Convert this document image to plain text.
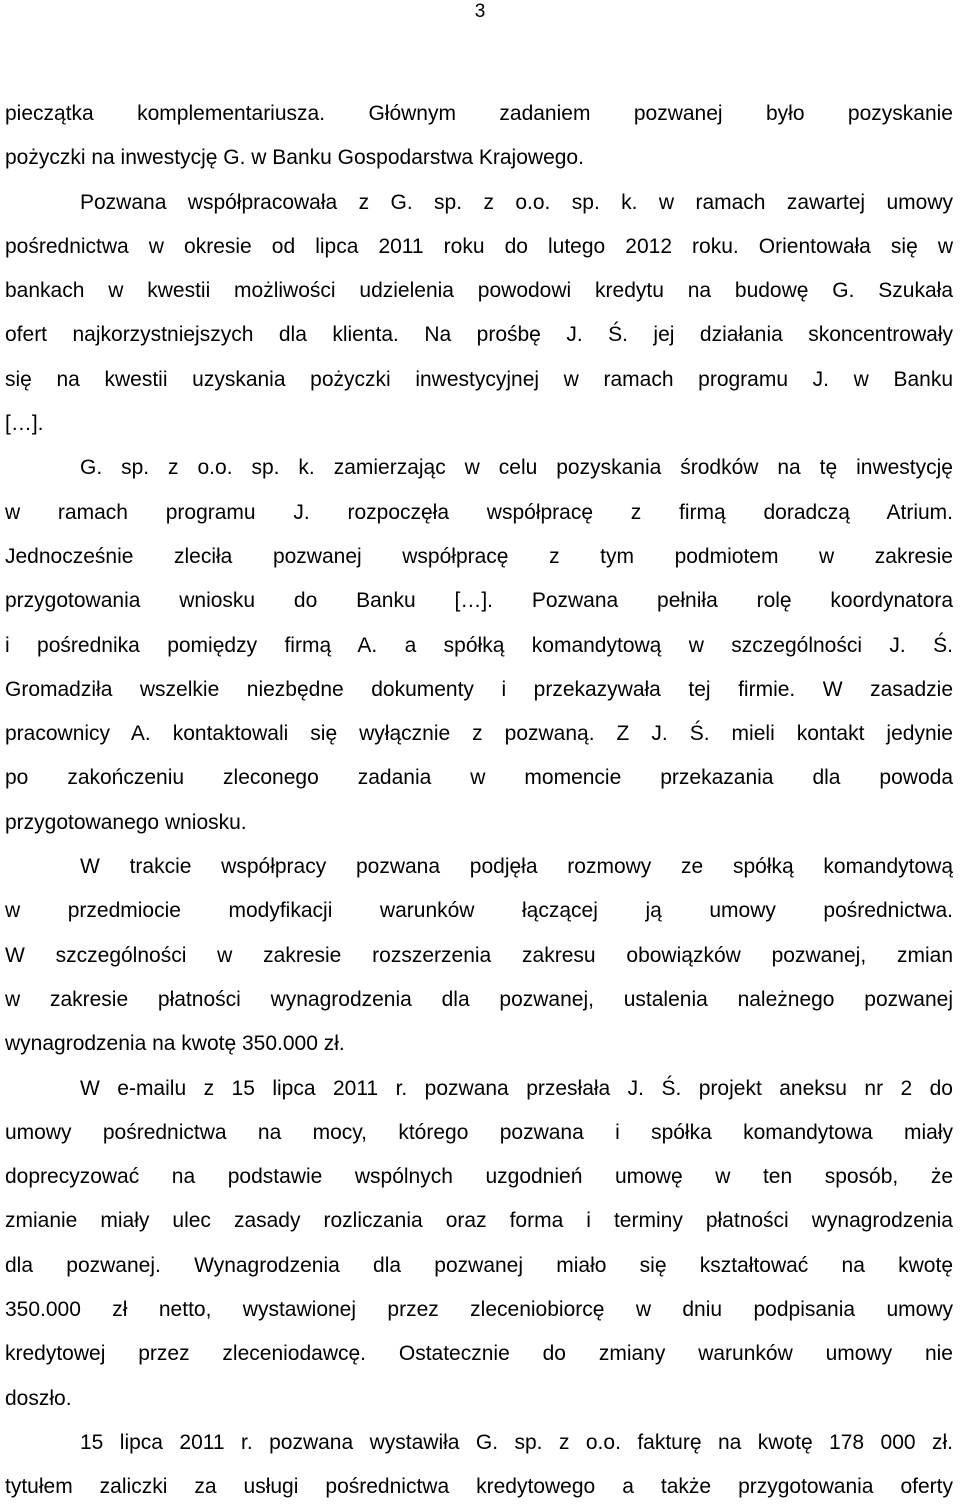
3
pieczątka komplementariusza. Głównym zadaniem pozwanej było pozyskanie
pożyczki na inwestycję G. w Banku Gospodarstwa Krajowego.
Pozwana współpracowała z G. sp. z o.o. sp. k. w ramach zawartej umowy
pośrednictwa w okresie od lipca 2011 roku do lutego 2012 roku. Orientowała się w
bankach w kwestii możliwości udzielenia powodowi kredytu na budowę G. Szukała
ofert najkorzystniejszych dla klienta. Na prośbę J. Ś. jej działania skoncentrowały
się na kwestii uzyskania pożyczki inwestycyjnej w ramach programu J. w Banku
[…].
G. sp. z o.o. sp. k. zamierzając w celu pozyskania środków na tę inwestycję
w ramach programu J. rozpoczęła współpracę z firmą doradczą Atrium.
Jednocześnie zleciła pozwanej współpracę z tym podmiotem w zakresie
przygotowania wniosku do Banku […]. Pozwana pełniła rolę koordynatora
i pośrednika pomiędzy firmą A. a spółką komandytową w szczególności J. Ś.
Gromadziła wszelkie niezbędne dokumenty i przekazywała tej firmie. W zasadzie
pracownicy A. kontaktowali się wyłącznie z pozwaną. Z J. Ś. mieli kontakt jedynie
po zakończeniu zleconego zadania w momencie przekazania dla powoda
przygotowanego wniosku.
W trakcie współpracy pozwana podjęła rozmowy ze spółką komandytową
w przedmiocie modyfikacji warunków łączącej ją umowy pośrednictwa.
W szczególności w zakresie rozszerzenia zakresu obowiązków pozwanej, zmian
w zakresie płatności wynagrodzenia dla pozwanej, ustalenia należnego pozwanej
wynagrodzenia na kwotę 350.000 zł.
W e-mailu z 15 lipca 2011 r. pozwana przesłała J. Ś. projekt aneksu nr 2 do
umowy pośrednictwa na mocy, którego pozwana i spółka komandytowa miały
doprecyzować na podstawie wspólnych uzgodnień umowę w ten sposób, że
zmianie miały ulec zasady rozliczania oraz forma i terminy płatności wynagrodzenia
dla pozwanej. Wynagrodzenia dla pozwanej miało się kształtować na kwotę
350.000 zł netto, wystawionej przez zleceniobiorcę w dniu podpisania umowy
kredytowej przez zleceniodawcę. Ostatecznie do zmiany warunków umowy nie
doszło.
15 lipca 2011 r. pozwana wystawiła G. sp. z o.o. fakturę na kwotę 178 000 zł.
tytułem zaliczki za usługi pośrednictwa kredytowego a także przygotowania oferty
